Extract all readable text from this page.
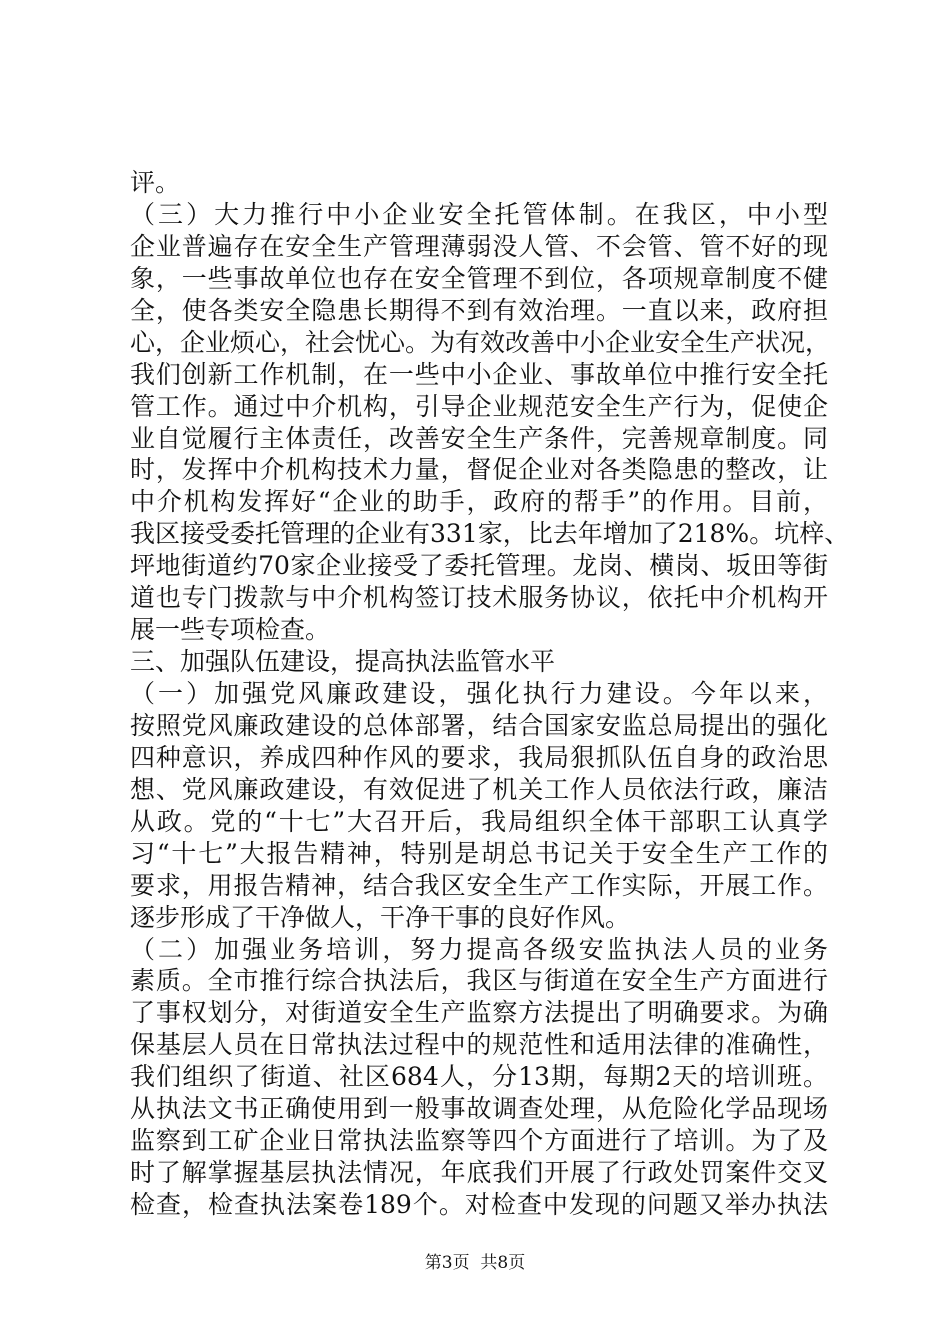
评。
（三）大力推行中小企业安全托管体制。在我区，中小型
企业普遍存在安全生产管理薄弱没人管、不会管、管不好的现
象，一些事故单位也存在安全管理不到位，各项规章制度不健
全，使各类安全隐患长期得不到有效治理。一直以来，政府担
心，企业烦心，社会忧心。为有效改善中小企业安全生产状况，
我们创新工作机制，在一些中小企业、事故单位中推行安全托
管工作。通过中介机构，引导企业规范安全生产行为，促使企
业自觉履行主体责任，改善安全生产条件，完善规章制度。同
时，发挥中介机构技术力量，督促企业对各类隐患的整改，让
中介机构发挥好“企业的助手，政府的帮手”的作用。目前，
我区接受委托管理的企业有331家，比去年增加了218%。坑梓、
坪地街道约70家企业接受了委托管理。龙岗、横岗、坂田等街
道也专门拨款与中介机构签订技术服务协议，依托中介机构开
展一些专项检查。
三、加强队伍建设，提高执法监管水平
（一）加强党风廉政建设，强化执行力建设。今年以来，
按照党风廉政建设的总体部署，结合国家安监总局提出的强化
四种意识，养成四种作风的要求，我局狠抓队伍自身的政治思
想、党风廉政建设，有效促进了机关工作人员依法行政，廉洁
从政。党的“十七”大召开后，我局组织全体干部职工认真学
习“十七”大报告精神，特别是胡总书记关于安全生产工作的
要求，用报告精神，结合我区安全生产工作实际，开展工作。
逐步形成了干净做人，干净干事的良好作风。
（二）加强业务培训，努力提高各级安监执法人员的业务
素质。全市推行综合执法后，我区与街道在安全生产方面进行
了事权划分，对街道安全生产监察方法提出了明确要求。为确
保基层人员在日常执法过程中的规范性和适用法律的准确性，
我们组织了街道、社区684人，分13期，每期2天的培训班。
从执法文书正确使用到一般事故调查处理，从危险化学品现场
监察到工矿企业日常执法监察等四个方面进行了培训。为了及
时了解掌握基层执法情况，年底我们开展了行政处罚案件交叉
检查，检查执法案卷189个。对检查中发现的问题又举办执法
第3页  共8页
